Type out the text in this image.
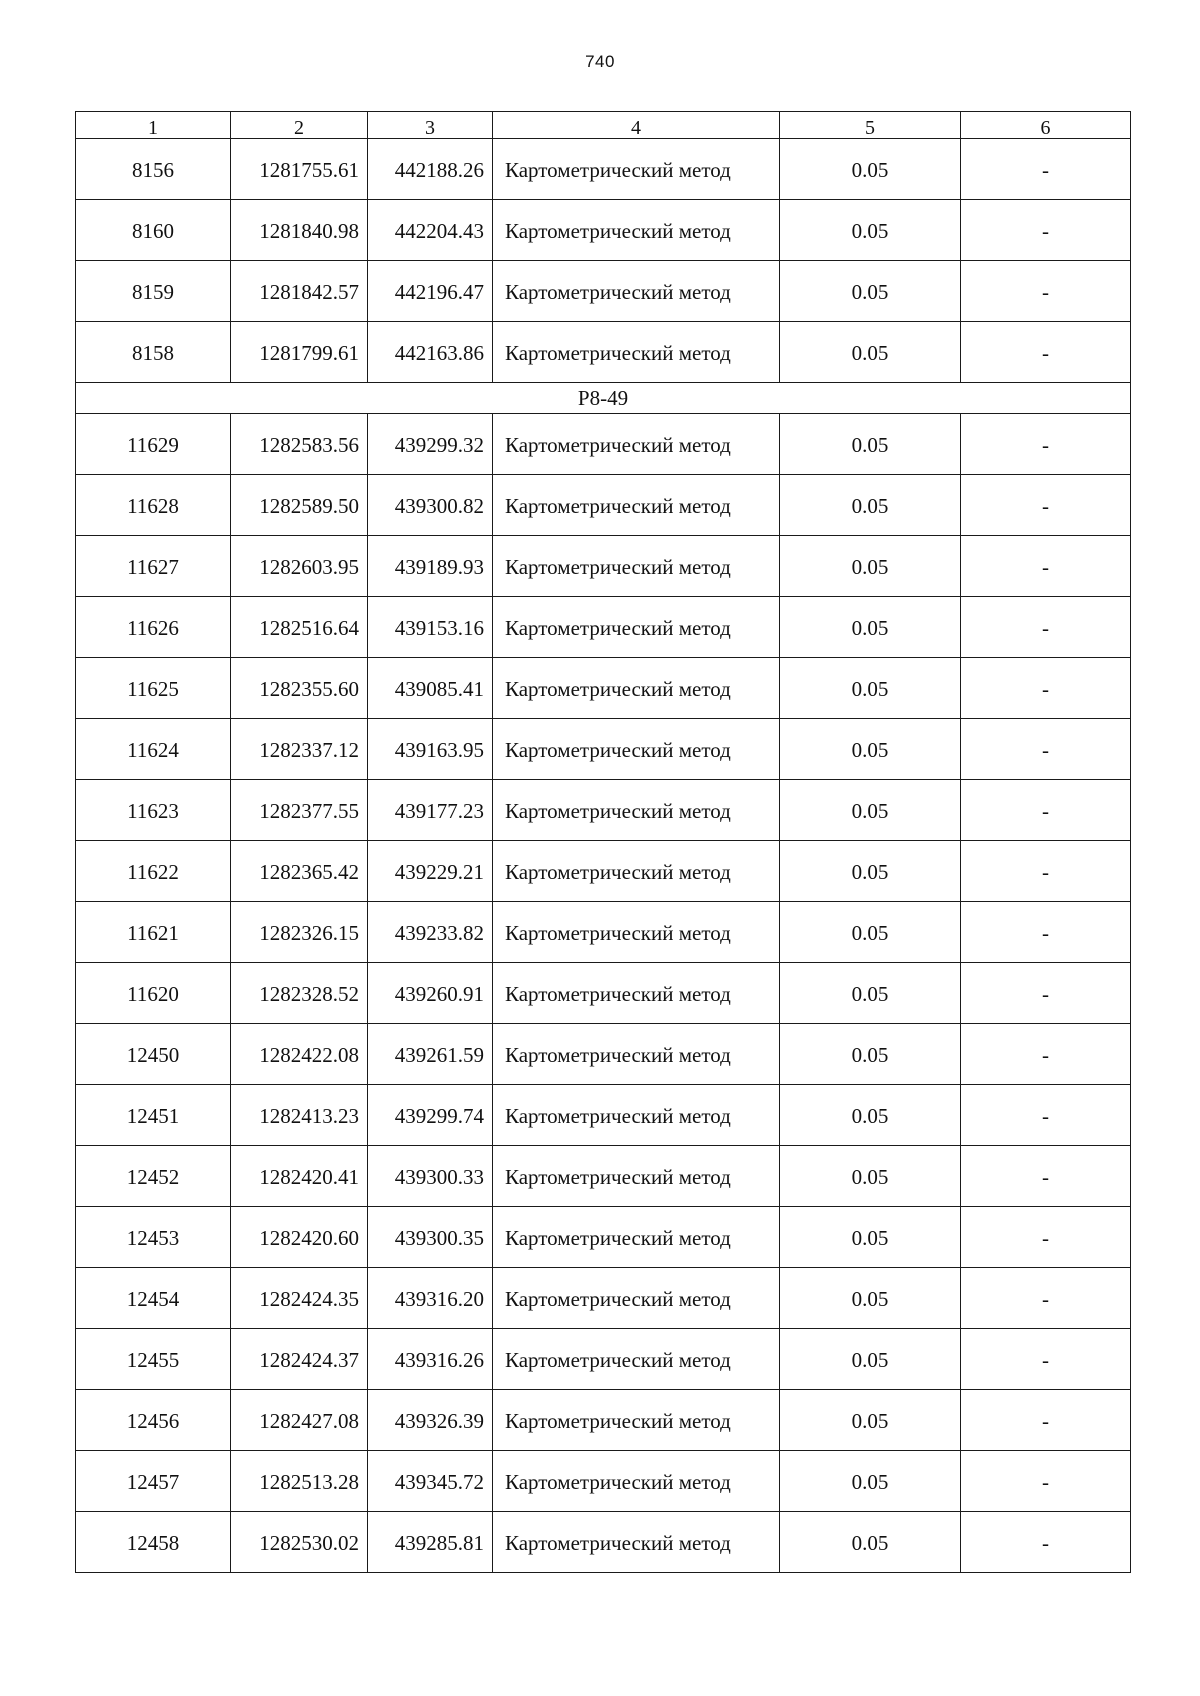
740
1	2	3	4	5	6
8156	1281755.61	442188.26	Картометрический метод	0.05	-
8160	1281840.98	442204.43	Картометрический метод	0.05	-
8159	1281842.57	442196.47	Картометрический метод	0.05	-
8158	1281799.61	442163.86	Картометрический метод	0.05	-
Р8-49					
11629	1282583.56	439299.32	Картометрический метод	0.05	-
11628	1282589.50	439300.82	Картометрический метод	0.05	-
11627	1282603.95	439189.93	Картометрический метод	0.05	-
11626	1282516.64	439153.16	Картометрический метод	0.05	-
11625	1282355.60	439085.41	Картометрический метод	0.05	-
11624	1282337.12	439163.95	Картометрический метод	0.05	-
11623	1282377.55	439177.23	Картометрический метод	0.05	-
11622	1282365.42	439229.21	Картометрический метод	0.05	-
11621	1282326.15	439233.82	Картометрический метод	0.05	-
11620	1282328.52	439260.91	Картометрический метод	0.05	-
12450	1282422.08	439261.59	Картометрический метод	0.05	-
12451	1282413.23	439299.74	Картометрический метод	0.05	-
12452	1282420.41	439300.33	Картометрический метод	0.05	-
12453	1282420.60	439300.35	Картометрический метод	0.05	-
12454	1282424.35	439316.20	Картометрический метод	0.05	-
12455	1282424.37	439316.26	Картометрический метод	0.05	-
12456	1282427.08	439326.39	Картометрический метод	0.05	-
12457	1282513.28	439345.72	Картометрический метод	0.05	-
12458	1282530.02	439285.81	Картометрический метод	0.05	-
